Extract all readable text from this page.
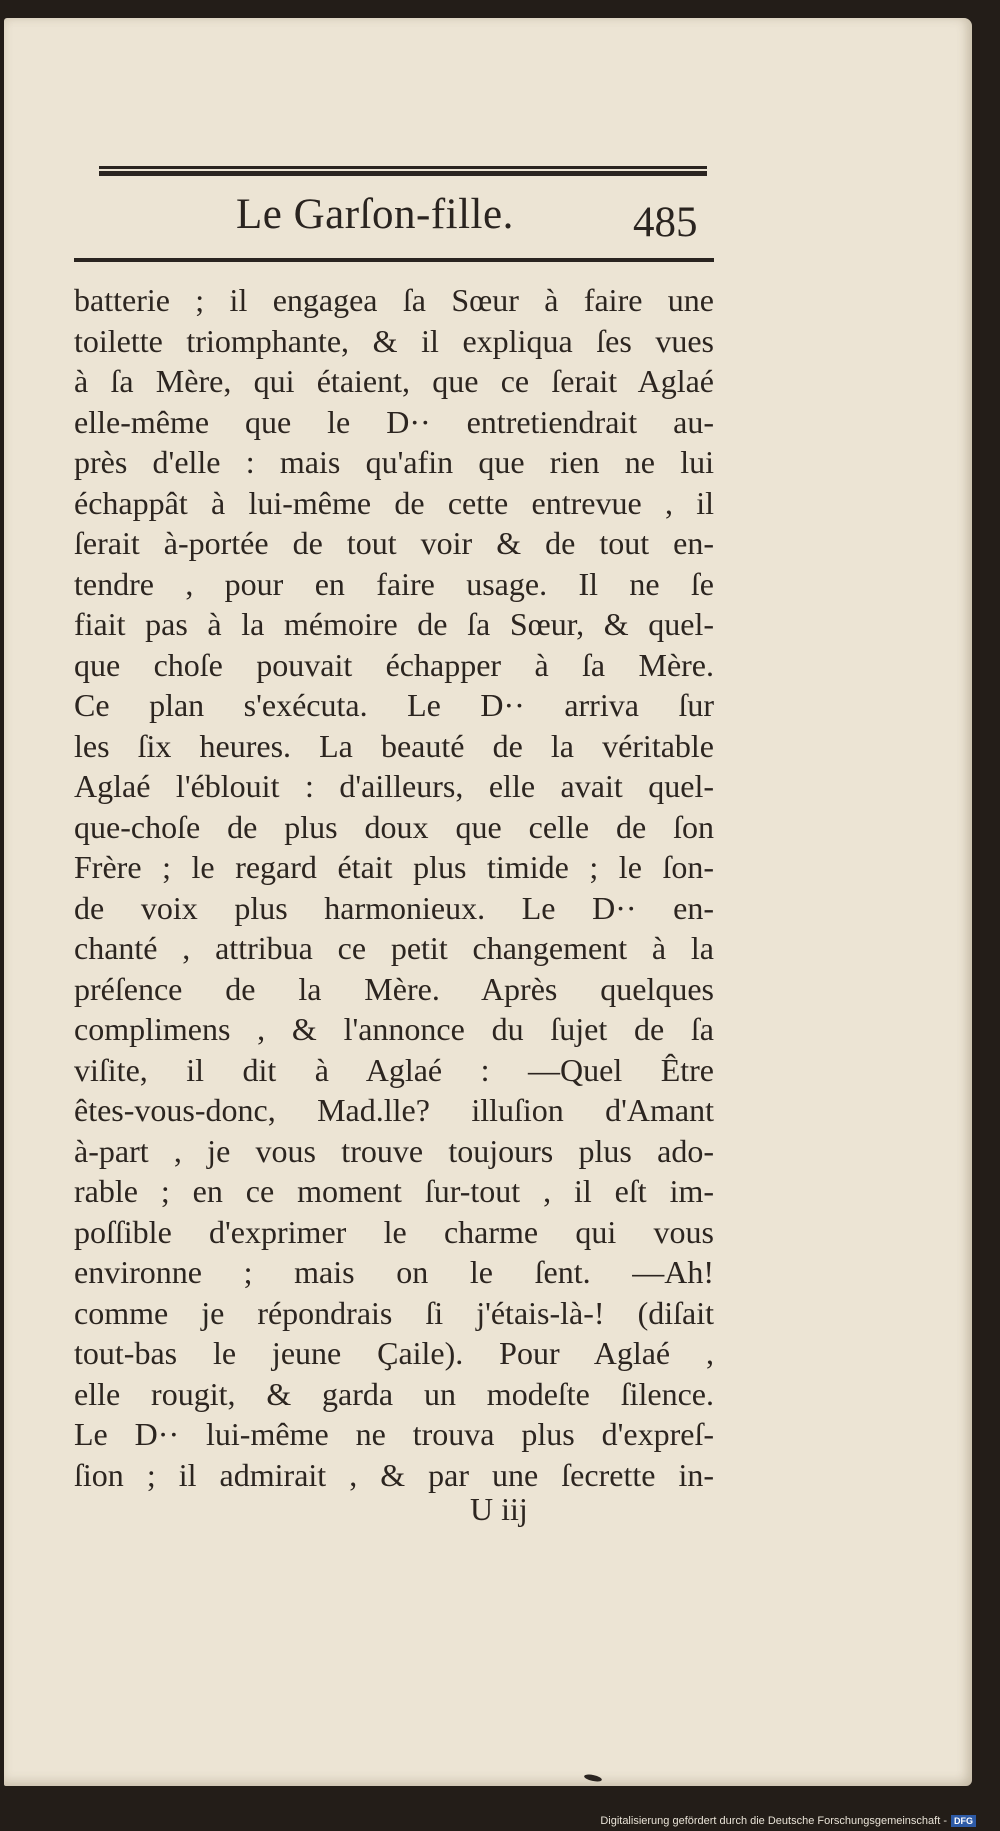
Le Garſon-fille.	485
batterie ; il engagea ſa Sœur à faire une
toilette triomphante, & il expliqua ſes vues
à ſa Mère, qui étaient, que ce ſerait Aglaé
elle-même que le D·· entretiendrait au-
près d'elle : mais qu'afin que rien ne lui
échappât à lui-même de cette entrevue , il
ſerait à-portée de tout voir & de tout en-
tendre , pour en faire usage. Il ne ſe
fiait pas à la mémoire de ſa Sœur, & quel-
que choſe pouvait échapper à ſa Mère.
Ce plan s'exécuta. Le D·· arriva ſur
les ſix heures. La beauté de la véritable
Aglaé l'éblouit : d'ailleurs, elle avait quel-
que-choſe de plus doux que celle de ſon
Frère ; le regard était plus timide ; le ſon-
de voix plus harmonieux. Le D·· en-
chanté , attribua ce petit changement à la
préſence de la Mère. Après quelques
complimens , & l'annonce du ſujet de ſa
viſite, il dit à Aglaé : —Quel Être
êtes-vous-donc, Mad.lle? illuſion d'Amant
à-part , je vous trouve toujours plus ado-
rable ; en ce moment ſur-tout , il eſt im-
poſſible d'exprimer le charme qui vous
environne ; mais on le ſent. —Ah!
comme je répondrais ſi j'étais-là-! (diſait
tout-bas le jeune Ҫaile). Pour Aglaé ,
elle rougit, & garda un modeſte ſilence.
Le D·· lui-même ne trouva plus d'expreſ-
ſion ; il admirait , & par une ſecrette in-
U iij
Digitalisierung gefördert durch die Deutsche Forschungsgemeinschaft - DFG
